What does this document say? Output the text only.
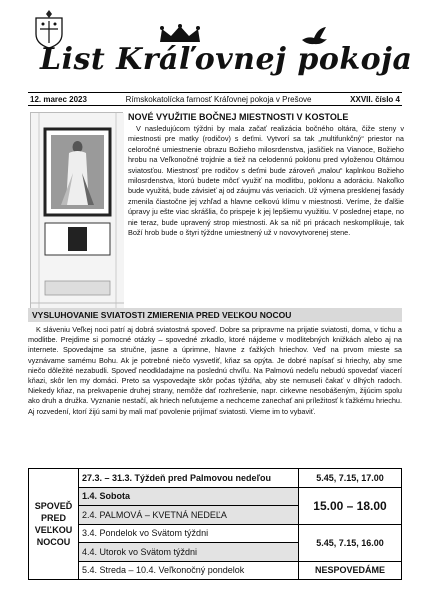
List Kráľovnej pokoja
12. marec 2023	Rímskokatolícka farnosť Kráľovnej pokoja v Prešove	XXVII. číslo 4
NOVÉ VYUŽITIE BOČNEJ MIESTNOSTI V KOSTOLE

V nasledujúcom týždni by mala začať realizácia bočného oltára, čiže steny v miestnosti pre matky (rodičov) s deťmi. Vytvorí sa tak „multifunkčný“ priestor na celoročné umiestnenie obrazu Božieho milosrdenstva, jasličiek na Vianoce, Božieho hrobu na Veľkonočné trojdnie a tiež na celodennú poklonu pred vyloženou Oltárnou sviatosťou. Miestnosť pre rodičov s deťmi bude zároveň „malou“ kaplnkou Božieho milosrdenstva, ktorú budete môcť využiť na modlitbu, poklonu a adoráciu. Nakoľko bude využitá, bude závisieť aj od záujmu vás veriacich. Už výmena presklenej fasády zmenila čiastočne jej vzhľad a hlavne celkovú klímu v miestnosti. Veríme, že ďalšie úpravy ju ešte viac skrášlia, čo prispeje k jej lepšiemu využitiu. V poslednej etape, no nie teraz, bude upravený strop miestnosti. Ak sa nič pri prácach neskomplikuje, tak Boží hrob bude o štyri týždne umiestnený už v novovytvorenej stene.

VYSLUHOVANIE SVIATOSTI ZMIERENIA PRED VEĽKOU NOCOU

K sláveniu Veľkej noci patrí aj dobrá sviatostná spoveď. Dobre sa pripravme na prijatie sviatosti, doma, v tichu a modlitbe. Prejdime si pomocné otázky – spovedné zrkadlo, ktoré nájdeme v modlitebných knižkách alebo aj na internete. Spovedajme sa stručne, jasne a úprimne, hlavne z ťažkých hriechov. Veď na prvom mieste sa vyznávame samému Bohu. Ak je potrebné niečo vysvetliť, kňaz sa opýta. Je dobré napísať si hriechy, aby sme niečo dôležité nezabudli. Spoveď neodkladajme na poslednú chvíľu. Na Palmovú nedeľu nebudú spovedať viacerí kňazi, skôr len my domáci. Preto sa vyspovedajte skôr počas týždňa, aby ste nemuseli čakať v dlhých radoch. Niekedy kňaz, na prekvapenie druhej strany, nemôže dať rozhrešenie, napr. cirkevne nesobášeným, žijúcim spolu ako druh a družka. Vyznanie nestačí, ak hriech neľutujeme a nechceme zanechať ani príležitosť k ťažkému hriechu. Aj rozvedení, ktorí žijú sami by mali mať povolenie prijímať sviatosti. Vieme im to vybaviť.

SPOVEĎ
PRED
VEĽKOU
NOCOU	27.3. – 31.3. Týždeň pred Palmovou nedeľou	5.45, 7.15, 17.00
	1.4. Sobota	15.00 – 18.00
	2.4. PALMOVÁ – KVETNÁ NEDEĽA	
	3.4. Pondelok vo Svätom týždni	5.45, 7.15, 16.00
	4.4. Utorok vo Svätom týždni	
	5.4. Streda – 10.4. Veľkonočný pondelok	NESPOVEDÁME
